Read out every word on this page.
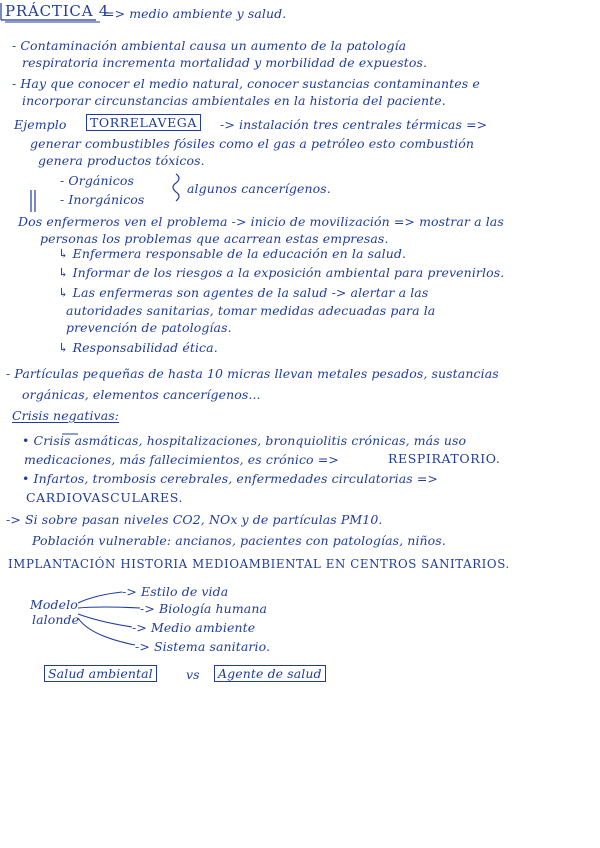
PRÁCTICA 4
=> medio ambiente y salud.
- Contaminación ambiental causa un aumento de la patología
respiratoria incrementa mortalidad y morbilidad de expuestos.
- Hay que conocer el medio natural, conocer sustancias contaminantes e
incorporar circunstancias ambientales en la historia del paciente.
Ejemplo	TORRELAVEGA	-> instalación tres centrales térmicas =>
generar combustibles fósiles como el gas a petróleo esto combustión
genera productos tóxicos.
- Orgánicos
- Inorgánicos
algunos cancerígenos.
Dos enfermeros ven el problema -> inicio de movilización => mostrar a las
personas los problemas que acarrean estas empresas.
↳ Enfermera responsable de la educación en la salud.
↳ Informar de los riesgos a la exposición ambiental para prevenirlos.
↳ Las enfermeras son agentes de la salud -> alertar a las
autoridades sanitarias, tomar medidas adecuadas para la
prevención de patologías.
↳ Responsabilidad ética.
- Partículas pequeñas de hasta 10 micras llevan metales pesados, sustancias
orgánicas, elementos cancerígenos...
Crisis negativas:
• Crisis asmáticas, hospitalizaciones, bronquiolitis crónicas, más uso
medicaciones, más fallecimientos, es crónico =>	RESPIRATORIO.
• Infartos, trombosis cerebrales, enfermedades circulatorias =>
CARDIOVASCULARES.
-> Si sobre pasan niveles CO2, NOx y de partículas PM10.
Población vulnerable: ancianos, pacientes con patologías, niños.
IMPLANTACIÓN HISTORIA MEDIOAMBIENTAL EN CENTROS SANITARIOS.
Modelo
lalonde
-> Estilo de vida
-> Biología humana
-> Medio ambiente
-> Sistema sanitario.
Salud ambiental	vs	Agente de salud
